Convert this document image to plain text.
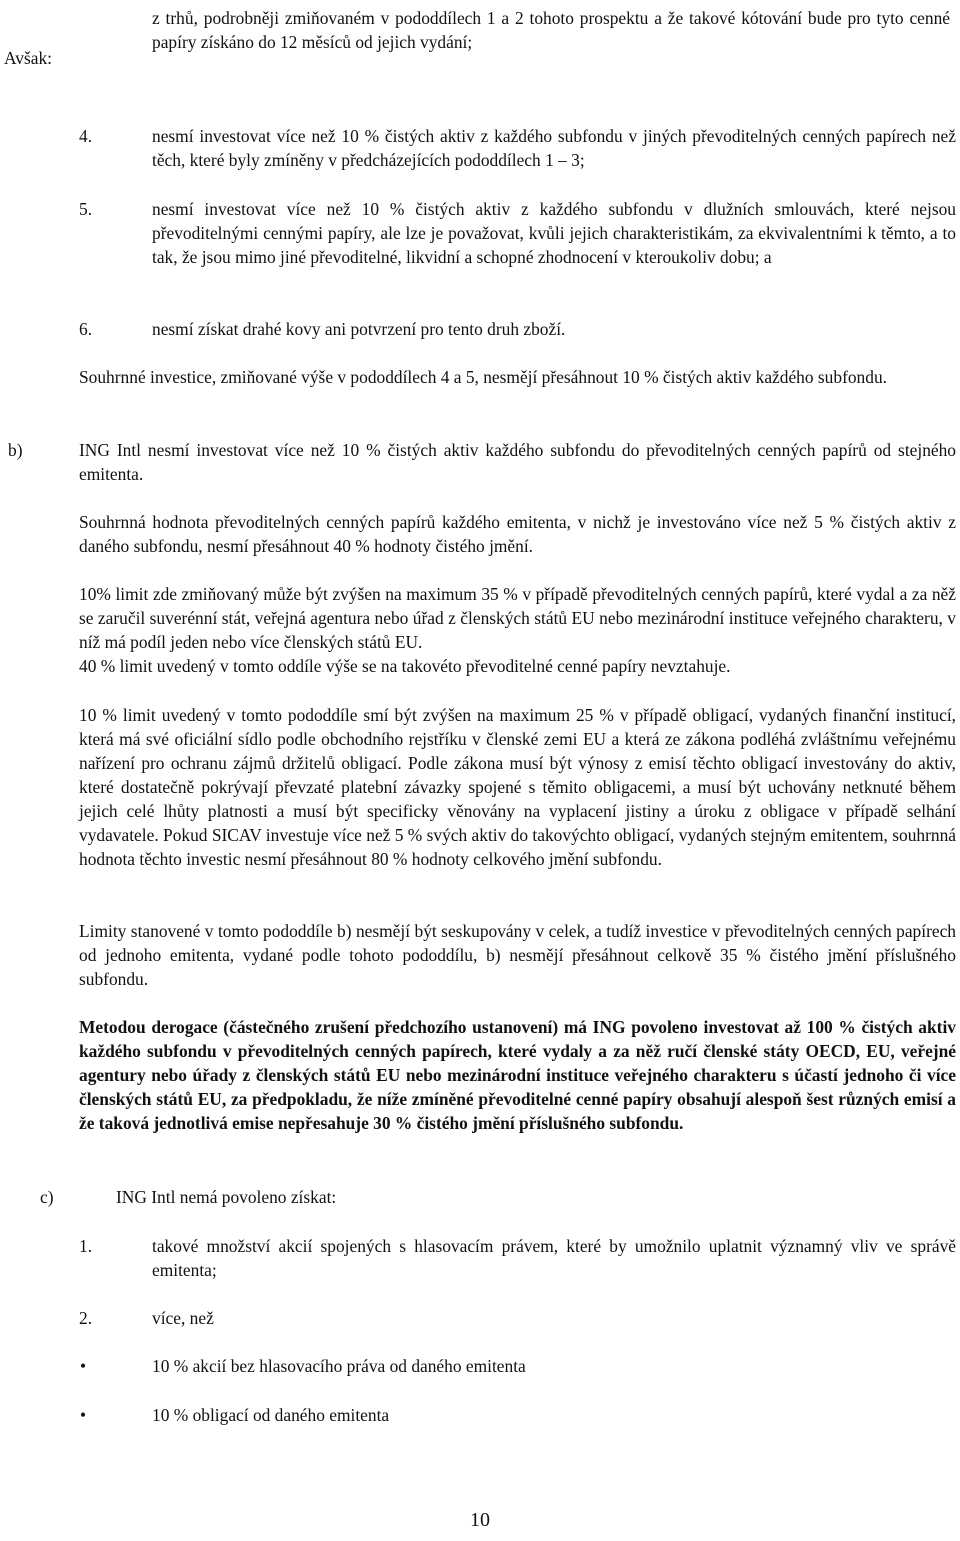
z trhů, podrobněji zmiňovaném v pododdílech 1 a 2 tohoto prospektu a že takové kótování bude pro tyto cenné papíry získáno do 12 měsíců od jejich vydání;

Avšak:

4.	nesmí investovat více než 10 % čistých aktiv z každého subfondu v jiných převoditelných cenných papírech než těch, které byly zmíněny v předcházejících pododdílech 1 – 3;

5.	nesmí investovat více než 10 % čistých aktiv z každého subfondu v dlužních smlouvách, které nejsou převoditelnými cennými papíry, ale lze je považovat, kvůli jejich charakteristikám, za ekvivalentními k těmto, a to tak, že jsou mimo jiné převoditelné, likvidní a schopné zhodnocení v kteroukoliv dobu; a

6.	nesmí získat drahé kovy ani potvrzení pro tento druh zboží.

Souhrnné investice, zmiňované výše v pododdílech 4 a 5, nesmějí přesáhnout 10 % čistých aktiv každého subfondu.

b)	ING Intl nesmí investovat více než 10 % čistých aktiv každého subfondu do převoditelných cenných papírů od stejného emitenta.

Souhrnná hodnota převoditelných cenných papírů každého emitenta, v nichž je investováno více než 5 % čistých aktiv z daného subfondu, nesmí přesáhnout 40 % hodnoty čistého jmění.

10% limit zde zmiňovaný může být zvýšen na maximum 35 % v případě převoditelných cenných papírů, které vydal a za něž se zaručil suverénní stát, veřejná agentura nebo úřad z členských států EU nebo mezinárodní instituce veřejného charakteru, v níž má podíl jeden nebo více členských států EU.

40 % limit uvedený v tomto oddíle výše se na takovéto převoditelné cenné papíry nevztahuje.

10 % limit uvedený v tomto pododdíle smí být zvýšen na maximum 25 % v případě obligací, vydaných finanční institucí, která má své oficiální sídlo podle obchodního rejstříku v členské zemi EU a která ze zákona podléhá zvláštnímu veřejnému nařízení pro ochranu zájmů držitelů obligací. Podle zákona musí být výnosy z emisí těchto obligací investovány do aktiv, které dostatečně pokrývají převzaté platební závazky spojené s těmito obligacemi, a musí být uchovány netknuté během jejich celé lhůty platnosti a musí být specificky věnovány na vyplacení jistiny a úroku z obligace v případě selhání vydavatele. Pokud SICAV investuje více než 5 % svých aktiv do takovýchto obligací, vydaných stejným emitentem, souhrnná hodnota těchto investic nesmí přesáhnout 80 % hodnoty celkového jmění subfondu.

Limity stanovené v tomto pododdíle b) nesmějí být seskupovány v celek, a tudíž investice v převoditelných cenných papírech od jednoho emitenta, vydané podle tohoto pododdílu, b) nesmějí přesáhnout celkově 35 % čistého jmění příslušného subfondu.

Metodou derogace (částečného zrušení předchozího ustanovení) má ING povoleno investovat až 100 % čistých aktiv každého subfondu v převoditelných cenných papírech, které vydaly a za něž ručí členské státy OECD, EU, veřejné agentury nebo úřady z členských států EU nebo mezinárodní instituce veřejného charakteru s účastí jednoho či více členských států EU, za předpokladu, že níže zmíněné převoditelné cenné papíry obsahují alespoň šest různých emisí a že taková jednotlivá emise nepřesahuje 30 % čistého jmění příslušného subfondu.

c)	ING Intl nemá povoleno získat:

1.	takové množství akcií spojených s hlasovacím právem, které by umožnilo uplatnit významný vliv ve správě emitenta;

2.	více, než

•	10 % akcií bez hlasovacího práva od daného emitenta

•	10 % obligací od daného emitenta

10
